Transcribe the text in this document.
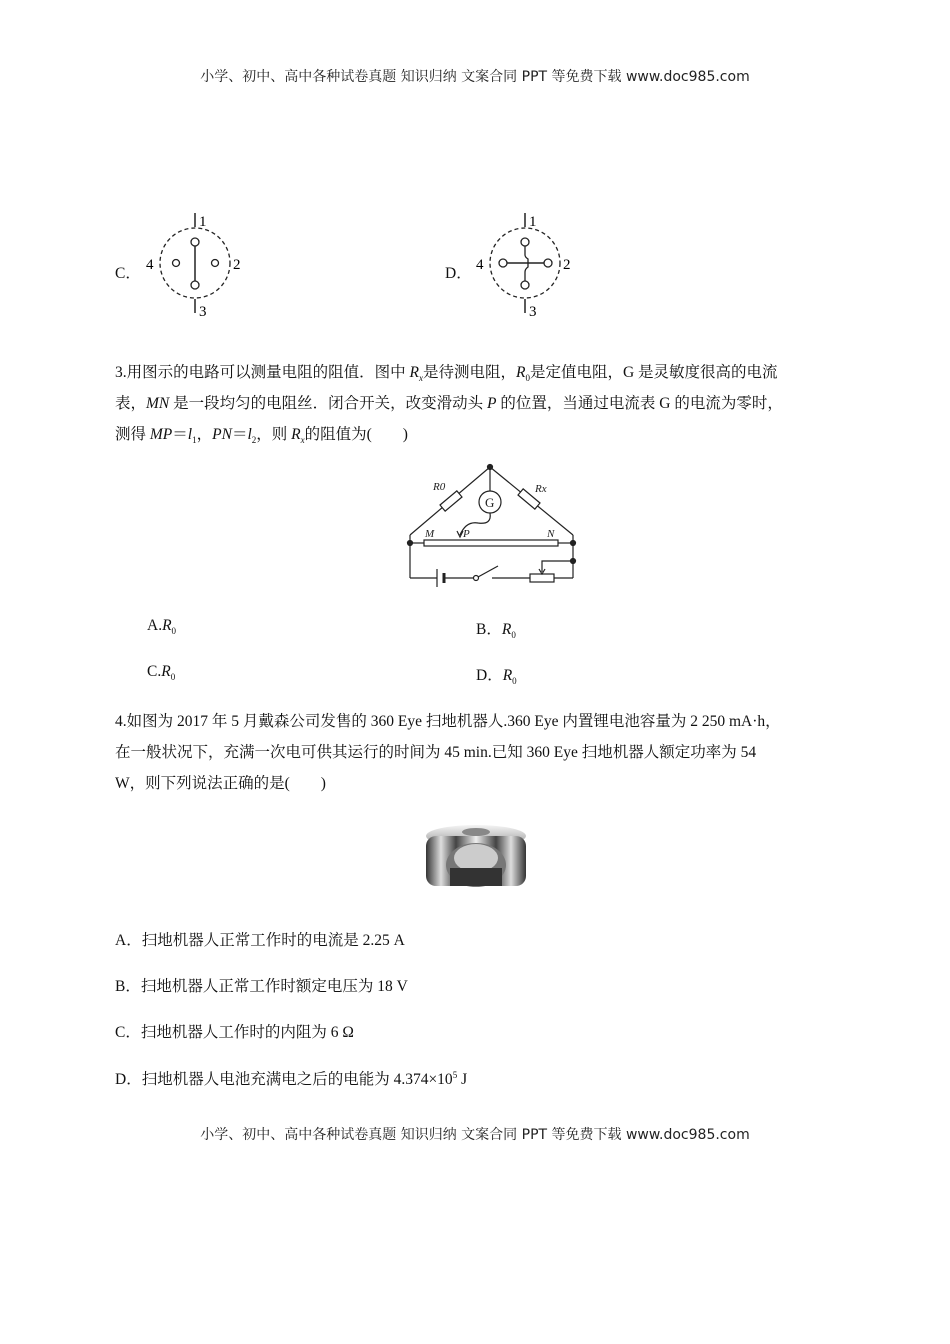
小学、初中、高中各种试卷真题 知识归纳 文案合同 PPT 等免费下载 www.doc985.com
C．
1
3
4	2	D．
1
3
4	2
3.用图示的电路可以测量电阻的阻值．图中 $R_x$是待测电阻，$R_0$是定值电阻，G 是灵敏度很高的电流
表，MN 是一段均匀的电阻丝．闭合开关，改变滑动头 P 的位置，当通过电流表 G 的电流为零时，
测得 $MP=l_1$，$PN=l_2$，则 $R_x$的阻值为(　　)
G
R0	Rx
M	P	N
$A.R_0$	B．$R_0$
$C.R_0$	D．$R_0$
4.如图为 2017 年 5 月戴森公司发售的 360 Eye 扫地机器人.360 Eye 内置锂电池容量为 2 250 mA·h，
在一般状况下，充满一次电可供其运行的时间为 45 min.已知 360 Eye 扫地机器人额定功率为 54
W，则下列说法正确的是(　　)
A．扫地机器人正常工作时的电流是 2.25 A
B．扫地机器人正常工作时额定电压为 18 V
C．扫地机器人工作时的内阻为 6 Ω
D．扫地机器人电池充满电之后的电能为 $4.374\times 10^5$ J
小学、初中、高中各种试卷真题 知识归纳 文案合同 PPT 等免费下载 www.doc985.com
